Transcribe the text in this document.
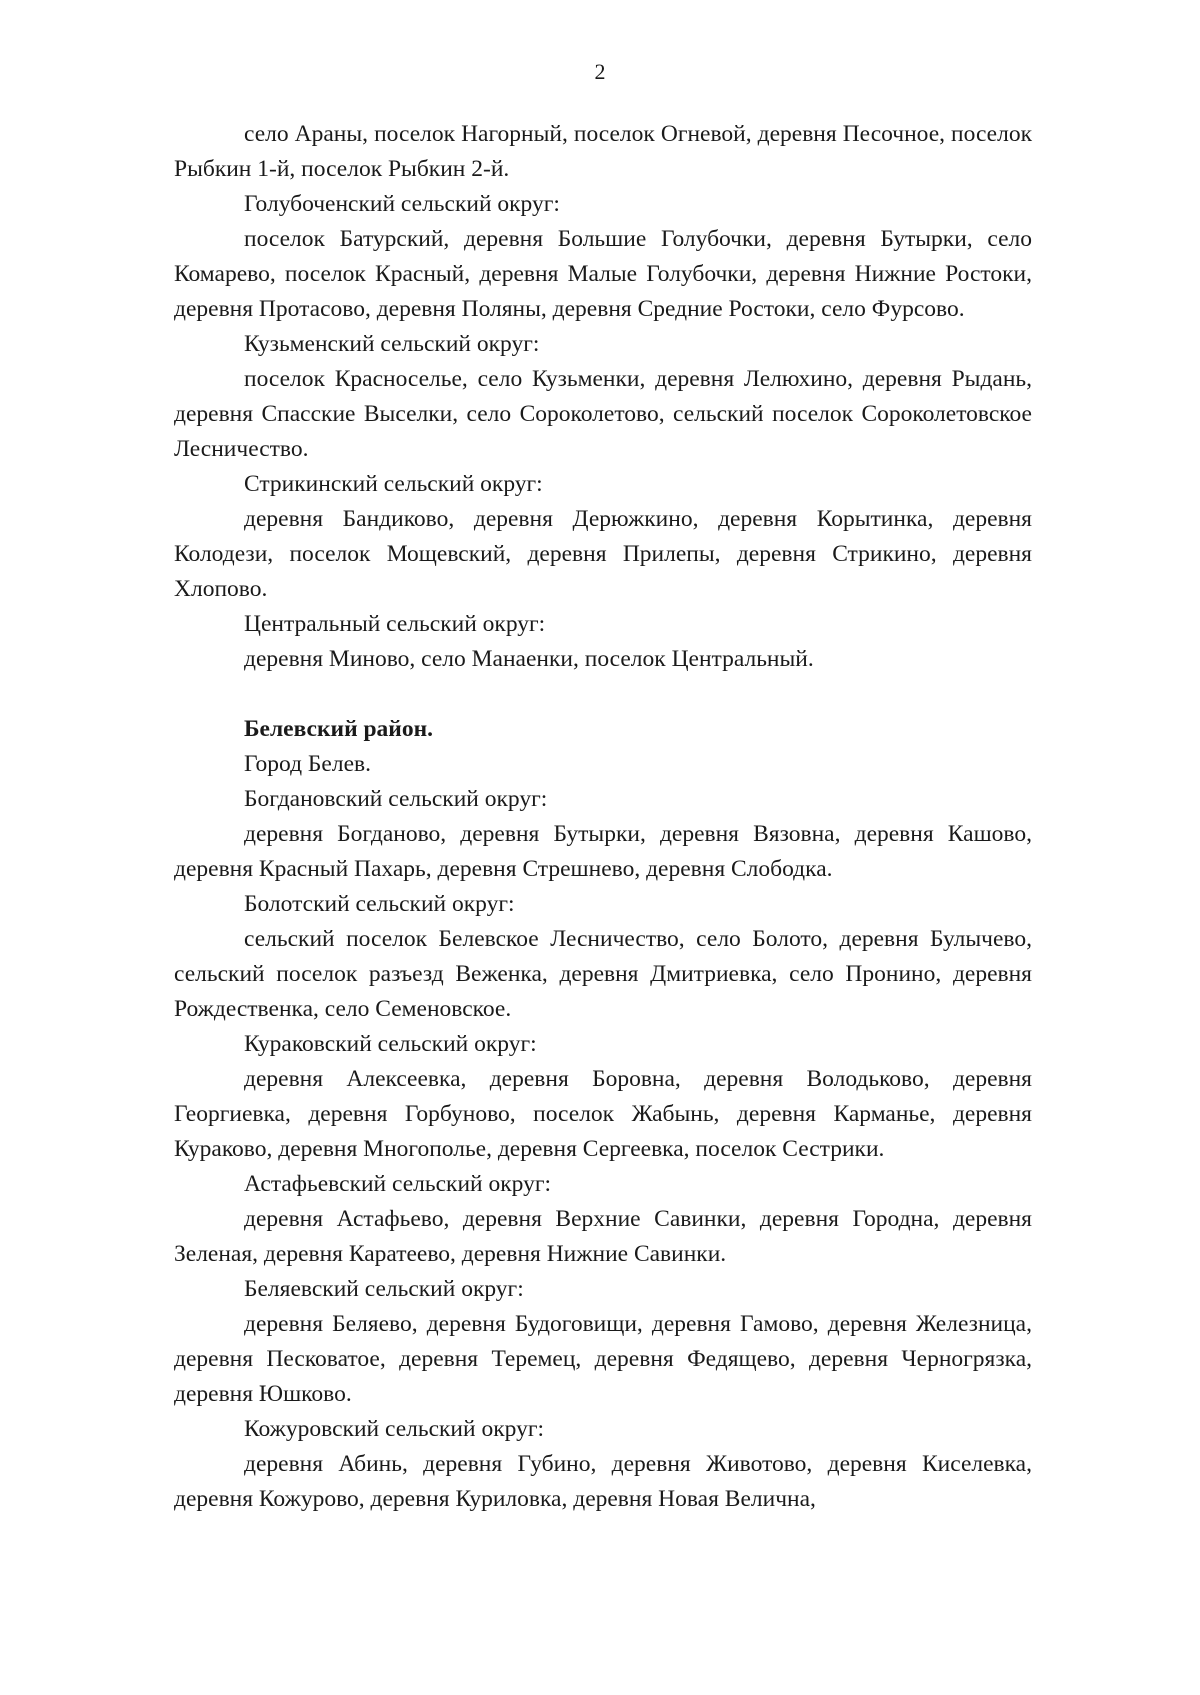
2

село Араны, поселок Нагорный, поселок Огневой, деревня Песочное, поселок Рыбкин 1-й, поселок Рыбкин 2-й.

Голубоченский сельский округ:

поселок Батурский, деревня Большие Голубочки, деревня Бутырки, село Комарево, поселок Красный, деревня Малые Голубочки, деревня Нижние Ростоки, деревня Протасово, деревня Поляны, деревня Средние Ростоки, село Фурсово.

Кузьменский сельский округ:

поселок Красноселье, село Кузьменки, деревня Лелюхино, деревня Рыдань, деревня Спасские Выселки, село Сороколетово, сельский поселок Сороколетовское Лесничество.

Стрикинский сельский округ:

деревня Бандиково, деревня Дерюжкино, деревня Корытинка, деревня Колодези, поселок Мощевский, деревня Прилепы, деревня Стрикино, деревня Хлопово.

Центральный сельский округ:

деревня Миново, село Манаенки, поселок Центральный.

Белевский район.

Город Белев.

Богдановский сельский округ:

деревня Богданово, деревня Бутырки, деревня Вязовна, деревня Кашово, деревня Красный Пахарь, деревня Стрешнево, деревня Слободка.

Болотский сельский округ:

сельский поселок Белевское Лесничество, село Болото, деревня Булычево, сельский поселок разъезд Веженка, деревня Дмитриевка, село Пронино, деревня Рождественка, село Семеновское.

Кураковский сельский округ:

деревня Алексеевка, деревня Боровна, деревня Володьково, деревня Георгиевка, деревня Горбуново, поселок Жабынь, деревня Карманье, деревня Кураково, деревня Многополье, деревня Сергеевка, поселок Сестрики.

Астафьевский сельский округ:

деревня Астафьево, деревня Верхние Савинки, деревня Городна, деревня Зеленая, деревня Каратеево, деревня Нижние Савинки.

Беляевский сельский округ:

деревня Беляево, деревня Будоговищи, деревня Гамово, деревня Железница, деревня Песковатое, деревня Теремец, деревня Федящево, деревня Черногрязка, деревня Юшково.

Кожуровский сельский округ:

деревня Абинь, деревня Губино, деревня Животово, деревня Киселевка, деревня Кожурово, деревня Куриловка, деревня Новая Велична,
